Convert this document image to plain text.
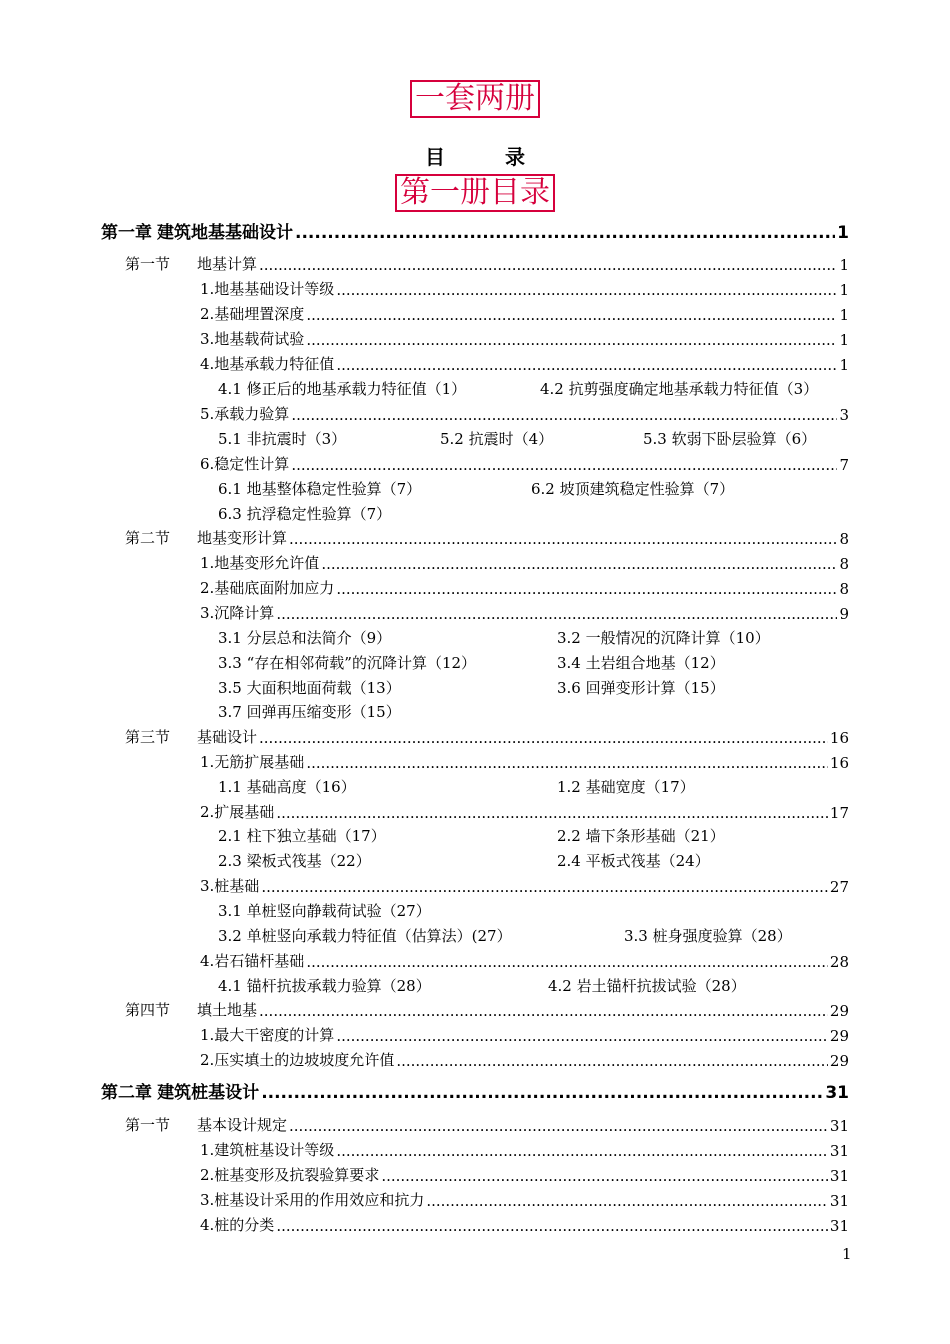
一套两册
目　录
第一册目录
第一章 建筑地基基础设计 .....	1
第一节	地基计算 .....	1
1.地基基础设计等级 .....	1
2.基础埋置深度 .....	1
3.地基载荷试验 .....	1
4.地基承载力特征值 .....	1
4.1 修正后的地基承载力特征值（1）	4.2 抗剪强度确定地基承载力特征值（3）
5.承载力验算 .....	3
5.1 非抗震时（3）	5.2 抗震时（4）	5.3 软弱下卧层验算（6）
6.稳定性计算 .....	7
6.1 地基整体稳定性验算（7）	6.2 坡顶建筑稳定性验算（7）
6.3 抗浮稳定性验算（7）
第二节	地基变形计算 .....	8
1.地基变形允许值 .....	8
2.基础底面附加应力 .....	8
3.沉降计算 .....	9
3.1 分层总和法简介（9）	3.2 一般情况的沉降计算（10）
3.3 “存在相邻荷载”的沉降计算（12）	3.4 土岩组合地基（12）
3.5 大面积地面荷载（13）	3.6 回弹变形计算（15）
3.7 回弹再压缩变形（15）
第三节	基础设计 .....	16
1.无筋扩展基础 .....	16
1.1 基础高度（16）	1.2 基础宽度（17）
2.扩展基础 .....	17
2.1 柱下独立基础（17）	2.2 墙下条形基础（21）
2.3 梁板式筏基（22）	2.4 平板式筏基（24）
3.桩基础 .....	27
3.1 单桩竖向静载荷试验（27）
3.2 单桩竖向承载力特征值（估算法）(27）	3.3 桩身强度验算（28）
4.岩石锚杆基础 .....	28
4.1 锚杆抗拔承载力验算（28）	4.2 岩土锚杆抗拔试验（28）
第四节	填土地基 .....	29
1.最大干密度的计算 .....	29
2.压实填土的边坡坡度允许值 .....	29
第二章 建筑桩基设计 .....	31
第一节	基本设计规定 .....	31
1.建筑桩基设计等级 .....	31
2.桩基变形及抗裂验算要求 .....	31
3.桩基设计采用的作用效应和抗力 .....	31
4.桩的分类 .....	31
1
